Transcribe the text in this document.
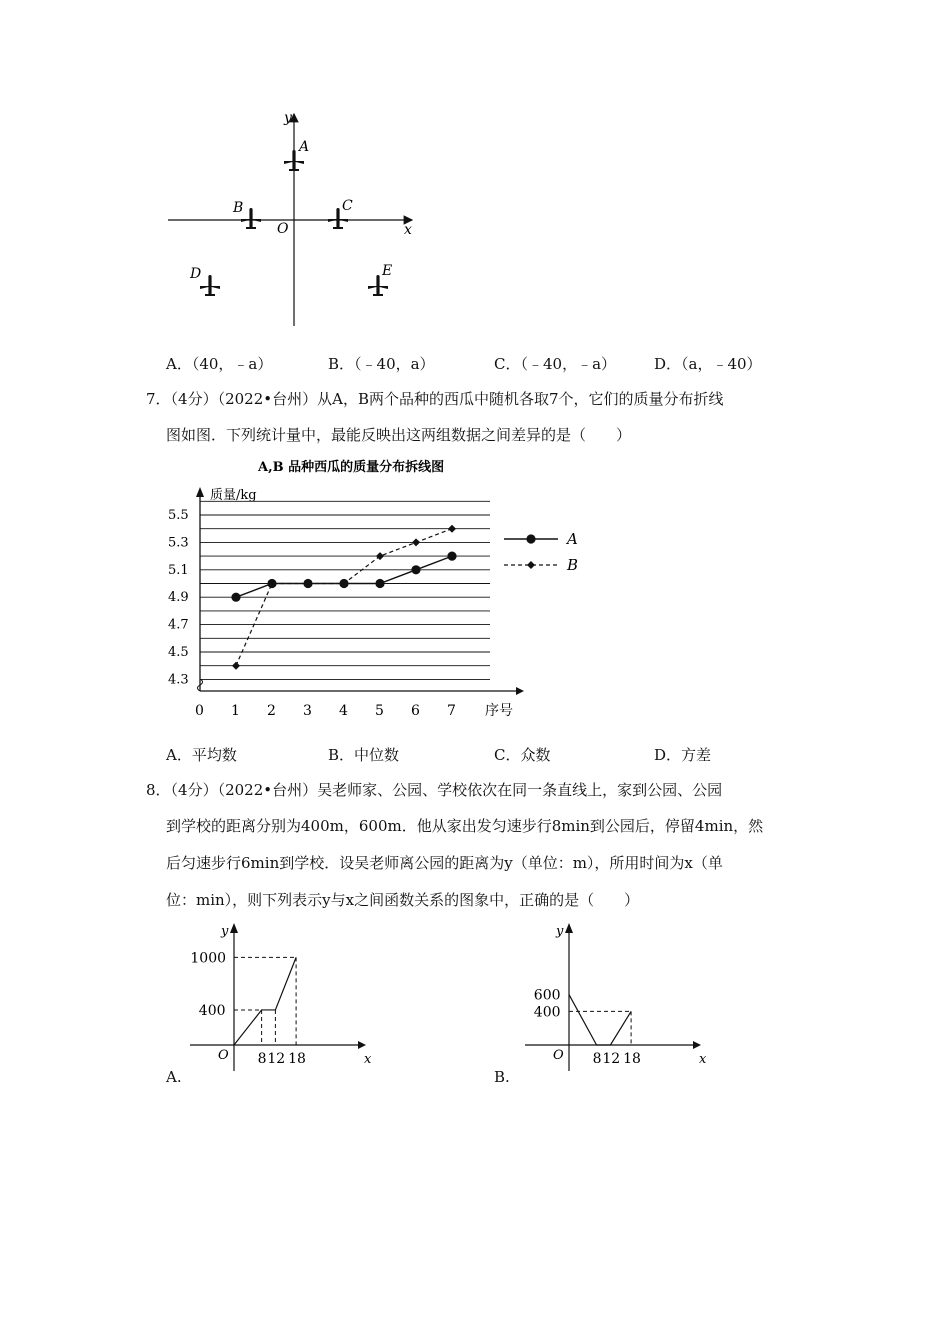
y
x
O
A
B	C
D	E
A．（40，﹣a）	B．（﹣40，a）	C．（﹣40，﹣a）	D．（a，﹣40）
7．（4分）（2022•台州）从A，B两个品种的西瓜中随机各取7个，它们的质量分布折线
图如图．下列统计量中，最能反映出这两组数据之间差异的是（　　）
A,B 品种西瓜的质量分布拆线图
质量/kg
序号
5.5
5.3
5.1
4.9
4.7
4.5
4.3
0 1 2 3 4 5 6 7
A
B
A．平均数	B．中位数	C．众数	D．方差
8．（4分）（2022•台州）吴老师家、公园、学校依次在同一条直线上，家到公园、公园
到学校的距离分别为400m，600m．他从家出发匀速步行8min到公园后，停留4min，然
后匀速步行6min到学校．设吴老师离公园的距离为y（单位：m），所用时间为x（单
位：min），则下列表示y与x之间函数关系的图象中，正确的是（　　）
y
x
O 8 12 18
1000
400
y
x
O 8 12 18
600
400
A.	B.
